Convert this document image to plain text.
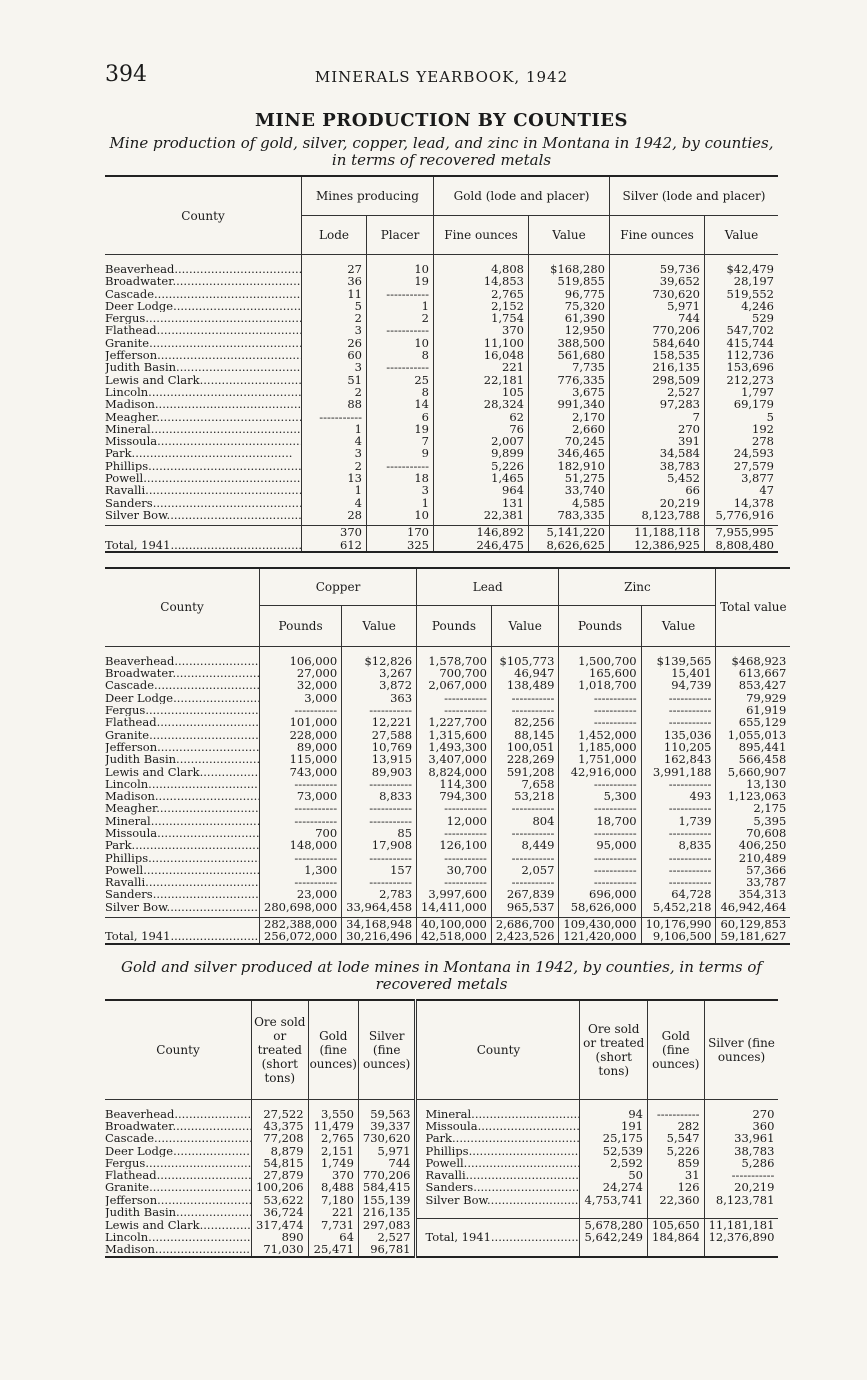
394	MINERALS YEARBOOK, 1942
MINE PRODUCTION BY COUNTIES
Mine production of gold, silver, copper, lead, and zinc in Montana in 1942, by counties, in terms of recovered metals
County	Mines producing		Gold (lode and placer)		Silver (lode and placer)	
	Lode	Placer	Fine ounces	Value	Fine ounces	Value

Beaverhead .....	27	10	4,808	$168,280	59,736	$42,479
Broadwater .....	36	19	14,853	519,855	39,652	28,197
Cascade .....	11	-----------	2,765	96,775	730,620	519,552
Deer Lodge .....	5	1	2,152	75,320	5,971	4,246
Fergus .....	2	2	1,754	61,390	744	529
Flathead .....	3	-----------	370	12,950	770,206	547,702
Granite .....	26	10	11,100	388,500	584,640	415,744
Jefferson .....	60	8	16,048	561,680	158,535	112,736
Judith Basin .....	3	-----------	221	7,735	216,135	153,696
Lewis and Clark .....	51	25	22,181	776,335	298,509	212,273
Lincoln .....	2	8	105	3,675	2,527	1,797
Madison .....	88	14	28,324	991,340	97,283	69,179
Meagher .....	-----------	6	62	2,170	7	5
Mineral .....	1	19	76	2,660	270	192
Missoula .....	4	7	2,007	70,245	391	278
Park .....	3	9	9,899	346,465	34,584	24,593
Phillips .....	2	-----------	5,226	182,910	38,783	27,579
Powell .....	13	18	1,465	51,275	5,452	3,877
Ravalli .....	1	3	964	33,740	66	47
Sanders .....	4	1	131	4,585	20,219	14,378
Silver Bow .....	28	10	22,381	783,335	8,123,788	5,776,916

	370	170	146,892	5,141,220	11,188,118	7,955,995
Total, 1941 .....	612	325	246,475	8,626,625	12,386,925	8,808,480
County	Copper		Lead		Zinc		Total value
	Pounds	Value	Pounds	Value	Pounds	Value	

Beaverhead .....	106,000	$12,826	1,578,700	$105,773	1,500,700	$139,565	$468,923
Broadwater .....	27,000	3,267	700,700	46,947	165,600	15,401	613,667
Cascade .....	32,000	3,872	2,067,000	138,489	1,018,700	94,739	853,427
Deer Lodge .....	3,000	363	-----------	-----------	-----------	-----------	79,929
Fergus .....	-----------	-----------	-----------	-----------	-----------	-----------	61,919
Flathead .....	101,000	12,221	1,227,700	82,256	-----------	-----------	655,129
Granite .....	228,000	27,588	1,315,600	88,145	1,452,000	135,036	1,055,013
Jefferson .....	89,000	10,769	1,493,300	100,051	1,185,000	110,205	895,441
Judith Basin .....	115,000	13,915	3,407,000	228,269	1,751,000	162,843	566,458
Lewis and Clark .....	743,000	89,903	8,824,000	591,208	42,916,000	3,991,188	5,660,907
Lincoln .....	-----------	-----------	114,300	7,658	-----------	-----------	13,130
Madison .....	73,000	8,833	794,300	53,218	5,300	493	1,123,063
Meagher .....	-----------	-----------	-----------	-----------	-----------	-----------	2,175
Mineral .....	-----------	-----------	12,000	804	18,700	1,739	5,395
Missoula .....	700	85	-----------	-----------	-----------	-----------	70,608
Park .....	148,000	17,908	126,100	8,449	95,000	8,835	406,250
Phillips .....	-----------	-----------	-----------	-----------	-----------	-----------	210,489
Powell .....	1,300	157	30,700	2,057	-----------	-----------	57,366
Ravalli .....	-----------	-----------	-----------	-----------	-----------	-----------	33,787
Sanders .....	23,000	2,783	3,997,600	267,839	696,000	64,728	354,313
Silver Bow .....	280,698,000	33,964,458	14,411,000	965,537	58,626,000	5,452,218	46,942,464

	282,388,000	34,168,948	40,100,000	2,686,700	109,430,000	10,176,990	60,129,853
Total, 1941 .....	256,072,000	30,216,496	42,518,000	2,423,526	121,420,000	9,106,500	59,181,627
Gold and silver produced at lode mines in Montana in 1942, by counties, in terms of recovered metals
County	Ore sold or treated (short tons)	Gold (fine ounces)	Silver (fine ounces)	County	Ore sold or treated (short tons)	Gold (fine ounces)	Silver (fine ounces)

Beaverhead .....	27,522	3,550	59,563	Mineral .....	94	-----------	270
Broadwater .....	43,375	11,479	39,337	Missoula .....	191	282	360
Cascade .....	77,208	2,765	730,620	Park .....	25,175	5,547	33,961
Deer Lodge .....	8,879	2,151	5,971	Phillips .....	52,539	5,226	38,783
Fergus .....	54,815	1,749	744	Powell .....	2,592	859	5,286
Flathead .....	27,879	370	770,206	Ravalli .....	50	31	-----------
Granite .....	100,206	8,488	584,415	Sanders .....	24,274	126	20,219
Jefferson .....	53,622	7,180	155,139	Silver Bow .....	4,753,741	22,360	8,123,781
Judith Basin .....	36,724	221	216,135				
Lewis and Clark .....	317,474	7,731	297,083		5,678,280	105,650	11,181,181
Lincoln .....	890	64	2,527	Total, 1941 .....	5,642,249	184,864	12,376,890
Madison .....	71,030	25,471	96,781				
